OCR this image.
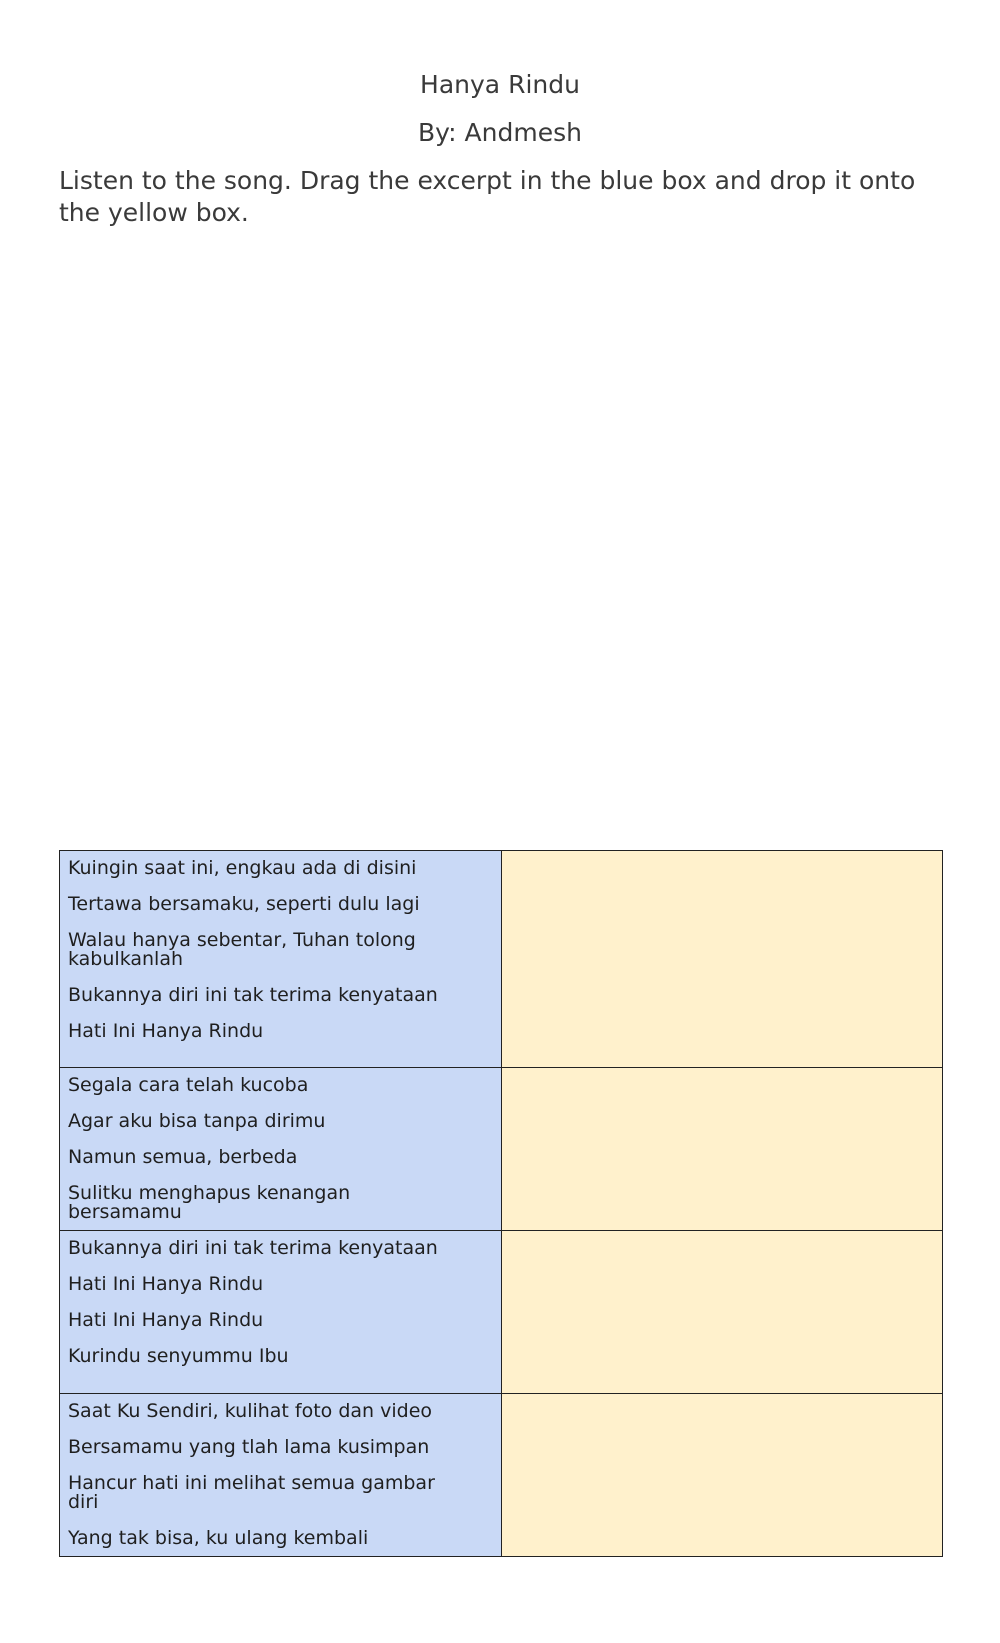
Hanya Rindu
By: Andmesh
Listen to the song. Drag the excerpt in the blue box and drop it onto the yellow box.
Kuingin saat ini, engkau ada di disini
Tertawa bersamaku, seperti dulu lagi
Walau hanya sebentar, Tuhan tolong kabulkanlah
Bukannya diri ini tak terima kenyataan
Hati Ini Hanya Rindu
Segala cara telah kucoba
Agar aku bisa tanpa dirimu
Namun semua, berbeda
Sulitku menghapus kenangan bersamamu
Bukannya diri ini tak terima kenyataan
Hati Ini Hanya Rindu
Hati Ini Hanya Rindu
Kurindu senyummu Ibu
Saat Ku Sendiri, kulihat foto dan video
Bersamamu yang tlah lama kusimpan
Hancur hati ini melihat semua gambar diri
Yang tak bisa, ku ulang kembali
